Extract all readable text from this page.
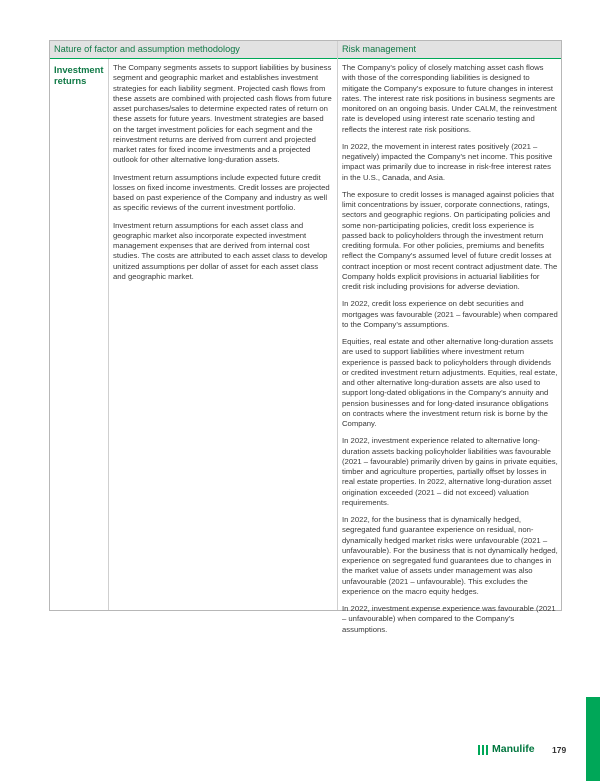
Nature of factor and assumption methodology	Risk management

Investment returns

The Company segments assets to support liabilities by business segment and geographic market and establishes investment strategies for each liability segment. Projected cash flows from these assets are combined with projected cash flows from future asset purchases/sales to determine expected rates of return on these assets for future years. Investment strategies are based on the target investment policies for each segment and the reinvestment returns are derived from current and projected market rates for fixed income investments and a projected outlook for other alternative long-duration assets.

Investment return assumptions include expected future credit losses on fixed income investments. Credit losses are projected based on past experience of the Company and industry as well as specific reviews of the current investment portfolio.

Investment return assumptions for each asset class and geographic market also incorporate expected investment management expenses that are derived from internal cost studies. The costs are attributed to each asset class to develop unitized assumptions per dollar of asset for each asset class and geographic market.

The Company’s policy of closely matching asset cash flows with those of the corresponding liabilities is designed to mitigate the Company’s exposure to future changes in interest rates. The interest rate risk positions in business segments are monitored on an ongoing basis. Under CALM, the reinvestment rate is developed using interest rate scenario testing and reflects the interest rate risk positions.

In 2022, the movement in interest rates positively (2021 – negatively) impacted the Company’s net income. This positive impact was primarily due to increase in risk-free interest rates in the U.S., Canada, and Asia.

The exposure to credit losses is managed against policies that limit concentrations by issuer, corporate connections, ratings, sectors and geographic regions. On participating policies and some non-participating policies, credit loss experience is passed back to policyholders through the investment return crediting formula. For other policies, premiums and benefits reflect the Company’s assumed level of future credit losses at contract inception or most recent contract adjustment date. The Company holds explicit provisions in actuarial liabilities for credit risk including provisions for adverse deviation.

In 2022, credit loss experience on debt securities and mortgages was favourable (2021 – favourable) when compared to the Company’s assumptions.

Equities, real estate and other alternative long-duration assets are used to support liabilities where investment return experience is passed back to policyholders through dividends or credited investment return adjustments. Equities, real estate, and other alternative long-duration assets are also used to support long-dated obligations in the Company’s annuity and pension businesses and for long-dated insurance obligations on contracts where the investment return risk is borne by the Company.

In 2022, investment experience related to alternative long-duration assets backing policyholder liabilities was favourable (2021 – favourable) primarily driven by gains in private equities, timber and agriculture properties, partially offset by losses in real estate properties. In 2022, alternative long-duration asset origination exceeded (2021 – did not exceed) valuation requirements.

In 2022, for the business that is dynamically hedged, segregated fund guarantee experience on residual, non-dynamically hedged market risks were unfavourable (2021 – unfavourable). For the business that is not dynamically hedged, experience on segregated fund guarantees due to changes in the market value of assets under management was also unfavourable (2021 – unfavourable). This excludes the experience on the macro equity hedges.

In 2022, investment expense experience was favourable (2021 – unfavourable) when compared to the Company’s assumptions.

Manulife 179
